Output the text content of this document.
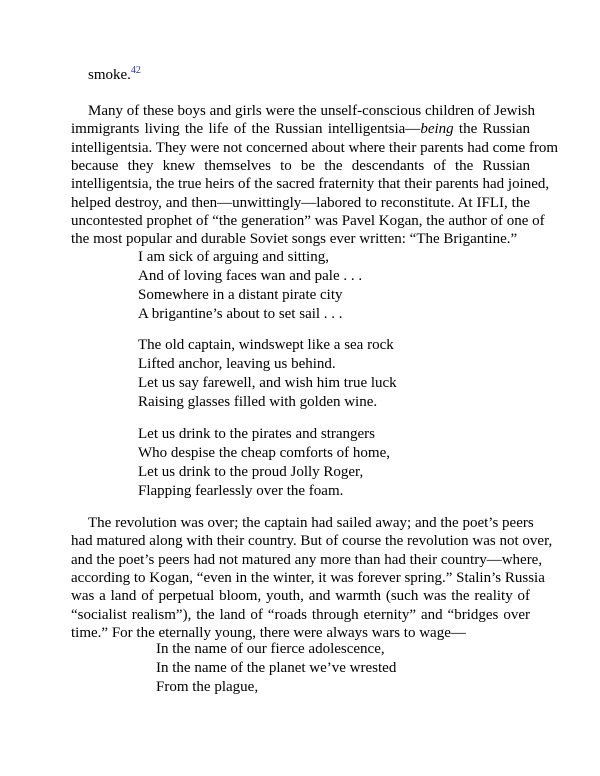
smoke.$^{42}$

Many of these boys and girls were the unself-conscious children of Jewish
immigrants living the life of the Russian intelligentsia—being the Russian
intelligentsia. They were not concerned about where their parents had come from
because they knew themselves to be the descendants of the Russian
intelligentsia, the true heirs of the sacred fraternity that their parents had joined,
helped destroy, and then—unwittingly—labored to reconstitute. At IFLI, the
uncontested prophet of “the generation” was Pavel Kogan, the author of one of
the most popular and durable Soviet songs ever written: “The Brigantine.”

I am sick of arguing and sitting,
And of loving faces wan and pale . . .
Somewhere in a distant pirate city
A brigantine’s about to set sail . . .
The old captain, windswept like a sea rock
Lifted anchor, leaving us behind.
Let us say farewell, and wish him true luck
Raising glasses filled with golden wine.
Let us drink to the pirates and strangers
Who despise the cheap comforts of home,
Let us drink to the proud Jolly Roger,
Flapping fearlessly over the foam.

The revolution was over; the captain had sailed away; and the poet’s peers
had matured along with their country. But of course the revolution was not over,
and the poet’s peers had not matured any more than had their country—where,
according to Kogan, “even in the winter, it was forever spring.” Stalin’s Russia
was a land of perpetual bloom, youth, and warmth (such was the reality of
“socialist realism”), the land of “roads through eternity” and “bridges over
time.” For the eternally young, there were always wars to wage—

In the name of our fierce adolescence,
In the name of the planet we’ve wrested
From the plague,
